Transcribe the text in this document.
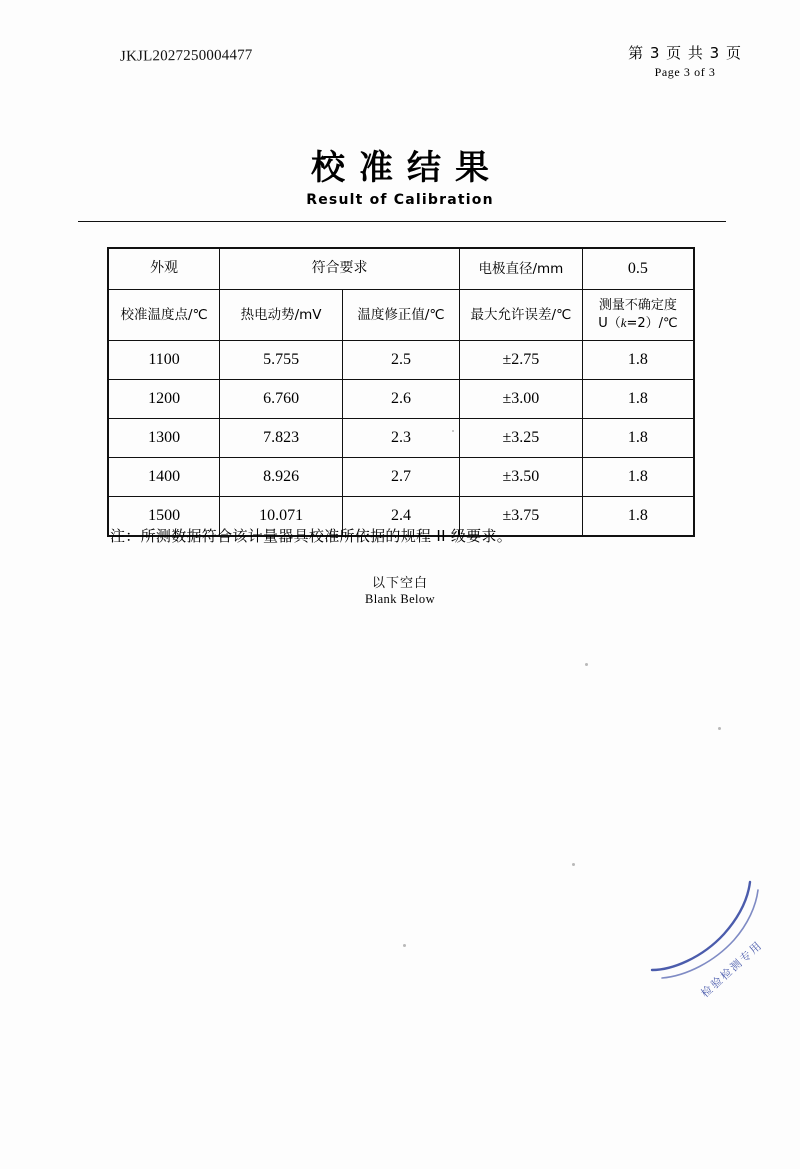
JKJL2027250004477	第 3 页 共 3 页
Page 3 of 3
校准结果
Result of Calibration
外观	符合要求		电极直径/mm	0.5
校准温度点/℃	热电动势/mV	温度修正值/℃	最大允许误差/℃	测量不确定度
U（k=2）/℃

1100	5.755	2.5	±2.75	1.8
1200	6.760	2.6	±3.00	1.8
1300	7.823	2.3	±3.25	1.8
1400	8.926	2.7	±3.50	1.8
1500	10.071	2.4	±3.75	1.8
注：所测数据符合该计量器具校准所依据的规程 II 级要求。
以下空白
Blank Below
检验检测专用
